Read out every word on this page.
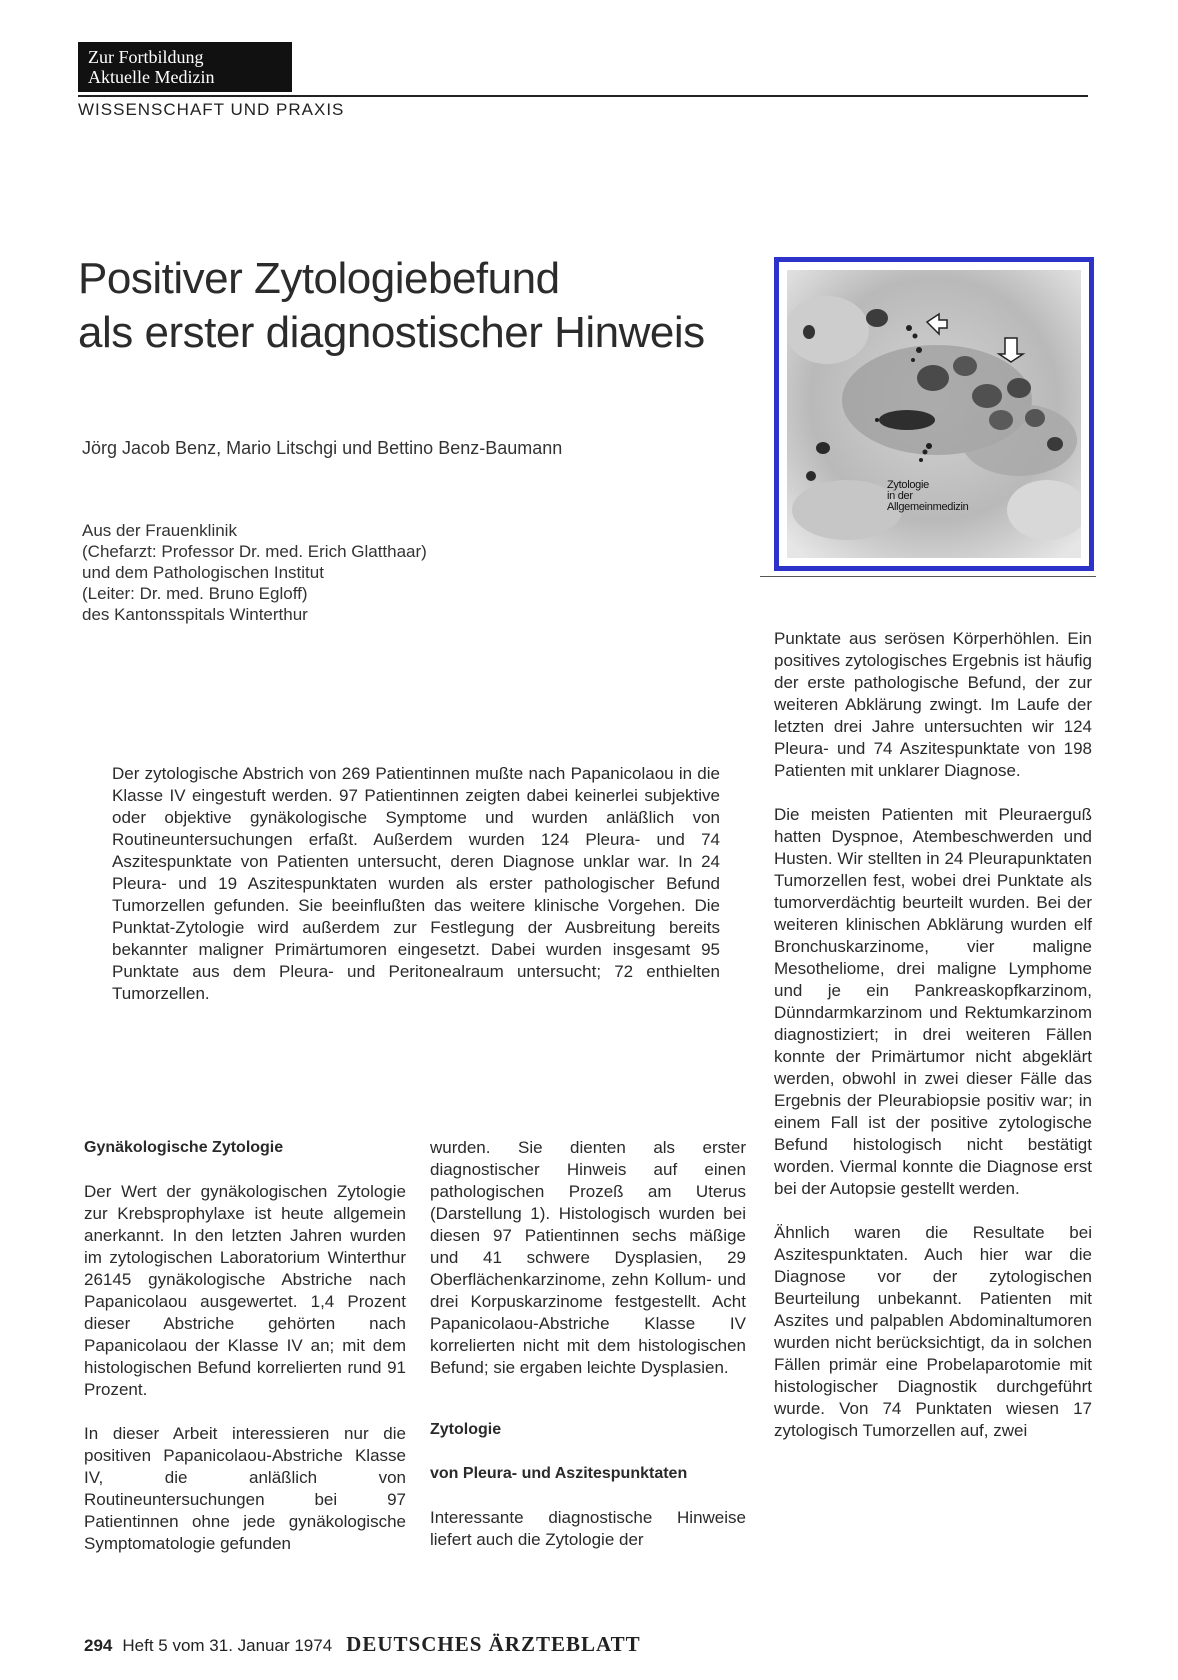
Zur Fortbildung
Aktuelle Medizin
WISSENSCHAFT UND PRAXIS
Positiver Zytologiebefund
als erster diagnostischer Hinweis
Jörg Jacob Benz, Mario Litschgi und Bettino Benz-Baumann
Aus der Frauenklinik
(Chefarzt: Professor Dr. med. Erich Glatthaar)
und dem Pathologischen Institut
(Leiter: Dr. med. Bruno Egloff)
des Kantonsspitals Winterthur
Zytologie
in der
Allgemeinmedizin
Der zytologische Abstrich von 269 Patientinnen mußte nach Papanicolaou in die Klasse IV eingestuft werden. 97 Patientinnen zeigten dabei keinerlei subjektive oder objektive gynäkologische Symptome und wurden anläßlich von Routineuntersuchungen erfaßt. Außerdem wurden 124 Pleura- und 74 Aszitespunktate von Patienten untersucht, deren Diagnose unklar war. In 24 Pleura- und 19 Aszitespunktaten wurden als erster pathologischer Befund Tumorzellen gefunden. Sie beeinflußten das weitere klinische Vorgehen. Die Punktat-Zytologie wird außerdem zur Festlegung der Ausbreitung bereits bekannter maligner Primärtumoren eingesetzt. Dabei wurden insgesamt 95 Punktate aus dem Pleura- und Peritonealraum untersucht; 72 enthielten Tumorzellen.

Gynäkologische Zytologie

Der Wert der gynäkologischen Zytologie zur Krebsprophylaxe ist heute allgemein anerkannt. In den letzten Jahren wurden im zytologischen Laboratorium Winterthur 26145 gynäkologische Abstriche nach Papanicolaou ausgewertet. 1,4 Prozent dieser Abstriche gehörten nach Papanicolaou der Klasse IV an; mit dem histologischen Befund korrelierten rund 91 Prozent.

In dieser Arbeit interessieren nur die positiven Papanicolaou-Abstriche Klasse IV, die anläßlich von Routineuntersuchungen bei 97 Patientinnen ohne jede gynäkologische Symptomatologie gefunden

wurden. Sie dienten als erster diagnostischer Hinweis auf einen pathologischen Prozeß am Uterus (Darstellung 1). Histologisch wurden bei diesen 97 Patientinnen sechs mäßige und 41 schwere Dysplasien, 29 Oberflächenkarzinome, zehn Kollum- und drei Korpuskarzinome festgestellt. Acht Papanicolaou-Abstriche Klasse IV korrelierten nicht mit dem histologischen Befund; sie ergaben leichte Dysplasien.

Zytologie

von Pleura- und Aszitespunktaten

Interessante diagnostische Hinweise liefert auch die Zytologie der

Punktate aus serösen Körperhöhlen. Ein positives zytologisches Ergebnis ist häufig der erste pathologische Befund, der zur weiteren Abklärung zwingt. Im Laufe der letzten drei Jahre untersuchten wir 124 Pleura- und 74 Aszitespunktate von 198 Patienten mit unklarer Diagnose.

Die meisten Patienten mit Pleuraerguß hatten Dyspnoe, Atembeschwerden und Husten. Wir stellten in 24 Pleurapunktaten Tumorzellen fest, wobei drei Punktate als tumorverdächtig beurteilt wurden. Bei der weiteren klinischen Abklärung wurden elf Bronchuskarzinome, vier maligne Mesotheliome, drei maligne Lymphome und je ein Pankreaskopfkarzinom, Dünndarmkarzinom und Rektumkarzinom diagnostiziert; in drei weiteren Fällen konnte der Primärtumor nicht abgeklärt werden, obwohl in zwei dieser Fälle das Ergebnis der Pleurabiopsie positiv war; in einem Fall ist der positive zytologische Befund histologisch nicht bestätigt worden. Viermal konnte die Diagnose erst bei der Autopsie gestellt werden.

Ähnlich waren die Resultate bei Aszitespunktaten. Auch hier war die Diagnose vor der zytologischen Beurteilung unbekannt. Patienten mit Aszites und palpablen Abdominaltumoren wurden nicht berücksichtigt, da in solchen Fällen primär eine Probelaparotomie mit histologischer Diagnostik durchgeführt wurde. Von 74 Punktaten wiesen 17 zytologisch Tumorzellen auf, zwei

294 Heft 5 vom 31. Januar 1974 DEUTSCHES ÄRZTEBLATT
